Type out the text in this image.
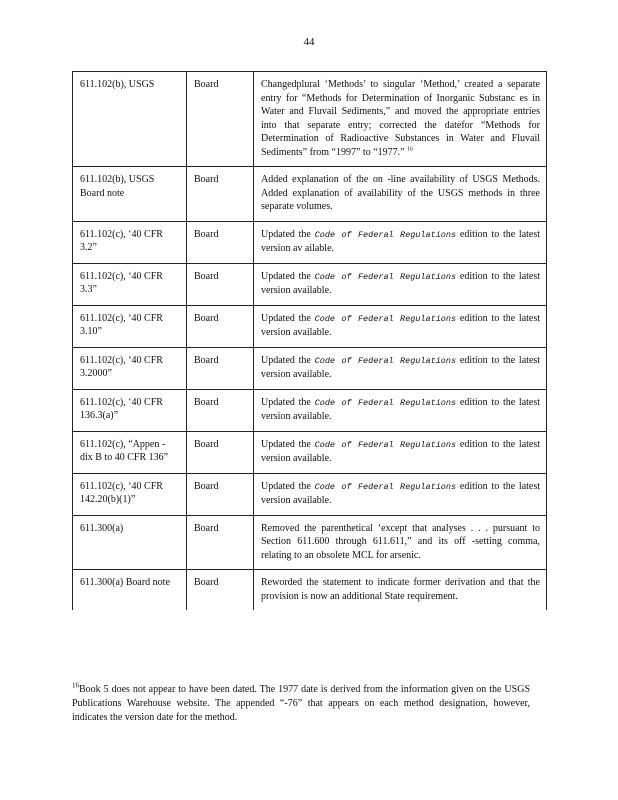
44
611.102(b), USGS	Board	Changedplural ‘Methods’ to singular ‘Method,’ created a separate entry for “Methods for Determination of Inorganic Substanc es in Water and Fluvail Sediments,” and moved the appropriate entries into that separate entry; corrected the datefor “Methods for Determination of Radioactive Substances in Water and Fluvail Sediments” from “1997” to “1977.” $^{16}$
611.102(b), USGS Board note	Board	Added explanation of the on -line availability of USGS Methods. Added explanation of availability of the USGS methods in three separate volumes.
611.102(c), ‘40 CFR 3.2”	Board	Updated the Code of Federal Regulations edition to the latest version av ailable.
611.102(c), ‘40 CFR 3.3”	Board	Updated the Code of Federal Regulations edition to the latest version available.
611.102(c), ‘40 CFR 3.10”	Board	Updated the Code of Federal Regulations edition to the latest version available.
611.102(c), ‘40 CFR 3.2000”	Board	Updated the Code of Federal Regulations edition to the latest version available.
611.102(c), ‘40 CFR 136.3(a)”	Board	Updated the Code of Federal Regulations edition to the latest version available.
611.102(c), “Appen - dix B to 40 CFR 136”	Board	Updated the Code of Federal Regulations edition to the latest version available.
611.102(c), ‘40 CFR 142.20(b)(1)”	Board	Updated the Code of Federal Regulations edition to the latest version available.
611.300(a)	Board	Removed the parenthetical ‘except that analyses . . . pursuant to Section 611.600 through 611.611,” and its off -setting comma, relating to an obsolete MCL for arsenic.
611.300(a) Board note	Board	Reworded the statement to indicate former derivation and that the provision is now an additional State requirement.
$^{16}$Book 5 does not appear to have been dated. The 1977 date is derived from the information given on the USGS Publications Warehouse website. The appended “-76” that appears on each method designation, however, indicates the version date for the method.
